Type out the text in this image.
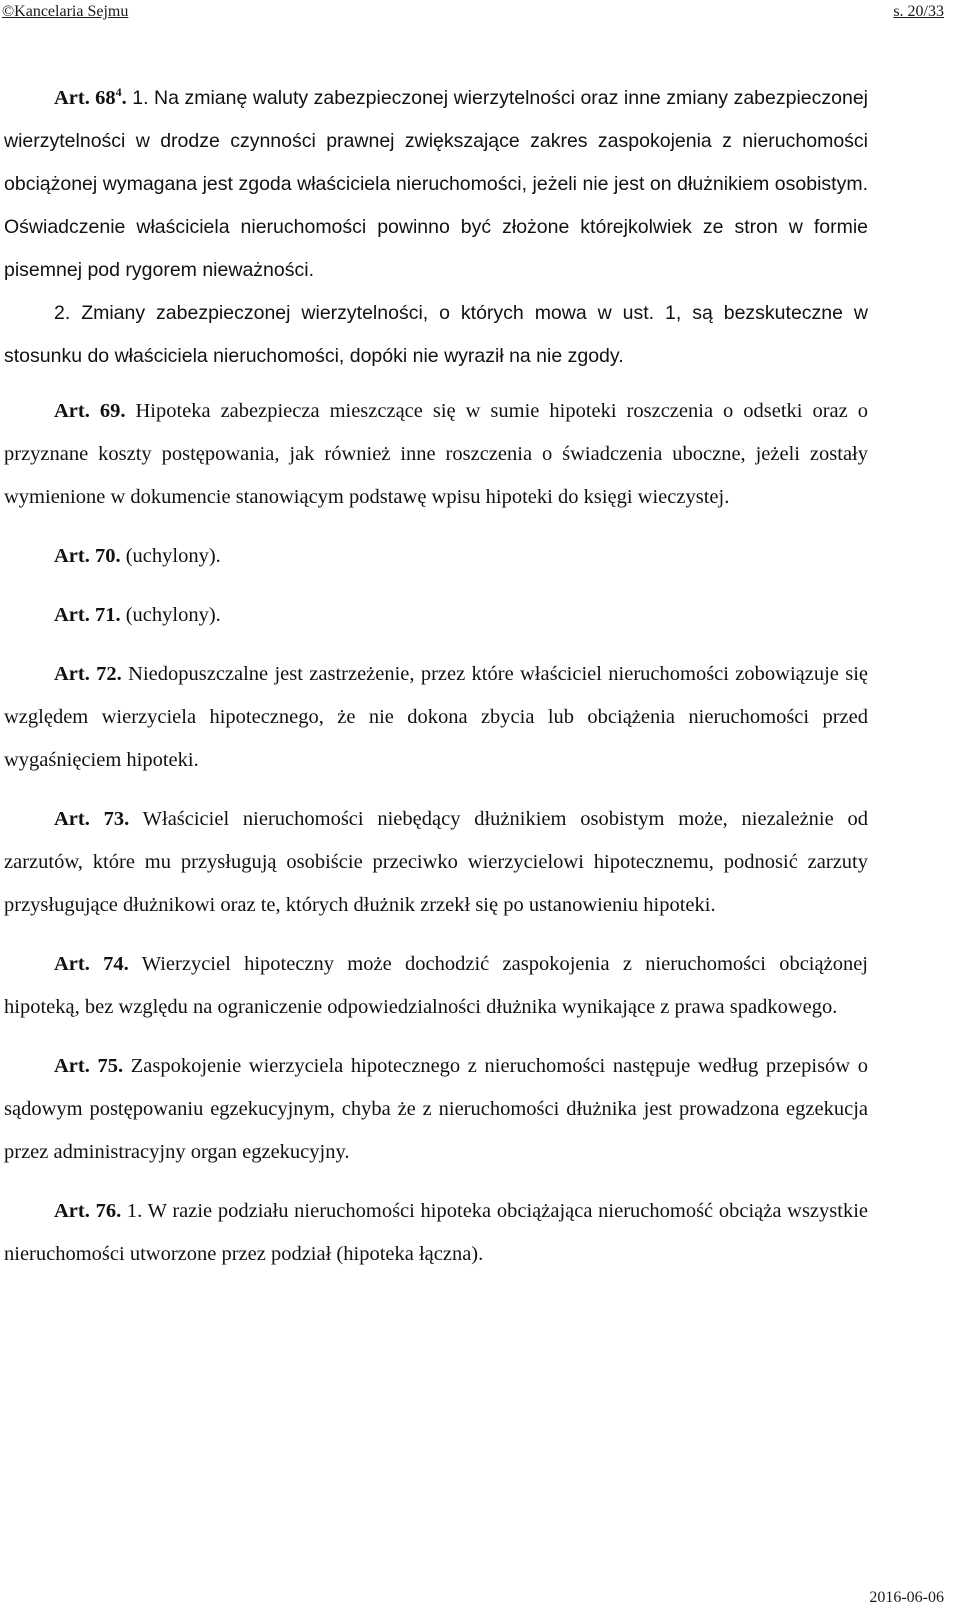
©Kancelaria Sejmu	s. 20/33

Art. $68^4$. 1. Na zmianę waluty zabezpieczonej wierzytelności oraz inne zmiany zabezpieczonej wierzytelności w drodze czynności prawnej zwiększające zakres zaspokojenia z nieruchomości obciążonej wymagana jest zgoda właściciela nieruchomości, jeżeli nie jest on dłużnikiem osobistym. Oświadczenie właściciela nieruchomości powinno być złożone którejkolwiek ze stron w formie pisemnej pod rygorem nieważności.

2. Zmiany zabezpieczonej wierzytelności, o których mowa w ust. 1, są bezskuteczne w stosunku do właściciela nieruchomości, dopóki nie wyraził na nie zgody.

Art. 69. Hipoteka zabezpiecza mieszczące się w sumie hipoteki roszczenia o odsetki oraz o przyznane koszty postępowania, jak również inne roszczenia o świadczenia uboczne, jeżeli zostały wymienione w dokumencie stanowiącym podstawę wpisu hipoteki do księgi wieczystej.

Art. 70. (uchylony).

Art. 71. (uchylony).

Art. 72. Niedopuszczalne jest zastrzeżenie, przez które właściciel nieruchomości zobowiązuje się względem wierzyciela hipotecznego, że nie dokona zbycia lub obciążenia nieruchomości przed wygaśnięciem hipoteki.

Art. 73. Właściciel nieruchomości niebędący dłużnikiem osobistym może, niezależnie od zarzutów, które mu przysługują osobiście przeciwko wierzycielowi hipotecznemu, podnosić zarzuty przysługujące dłużnikowi oraz te, których dłużnik zrzekł się po ustanowieniu hipoteki.

Art. 74. Wierzyciel hipoteczny może dochodzić zaspokojenia z nieruchomości obciążonej hipoteką, bez względu na ograniczenie odpowiedzialności dłużnika wynikające z prawa spadkowego.

Art. 75. Zaspokojenie wierzyciela hipotecznego z nieruchomości następuje według przepisów o sądowym postępowaniu egzekucyjnym, chyba że z nieruchomości dłużnika jest prowadzona egzekucja przez administracyjny organ egzekucyjny.

Art. 76. 1. W razie podziału nieruchomości hipoteka obciążająca nieruchomość obciąża wszystkie nieruchomości utworzone przez podział (hipoteka łączna).

2016-06-06
